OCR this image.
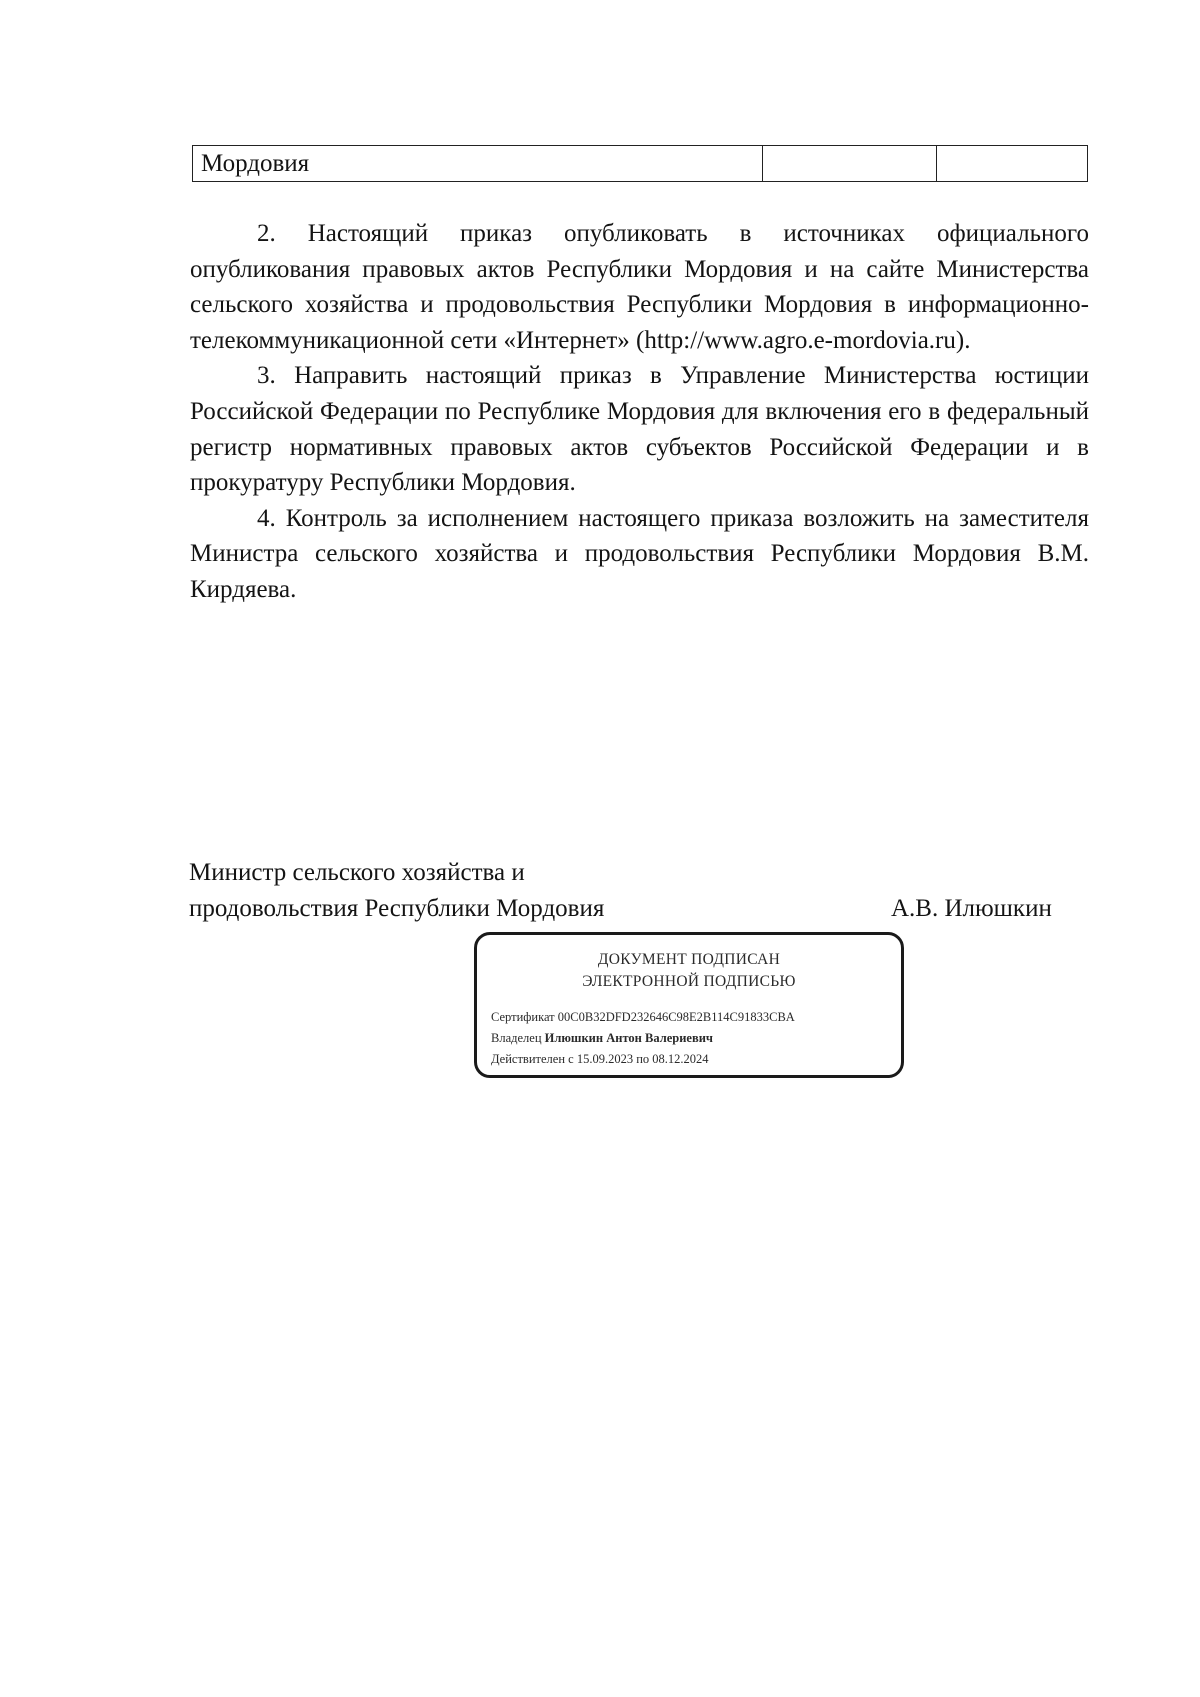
Мордовия		

2. Настоящий приказ опубликовать в источниках официального опубликования правовых актов Республики Мордовия и на сайте Министерства сельского хозяйства и продовольствия Республики Мордовия в информационно-телекоммуникационной сети «Интернет» (http://www.agro.e-mordovia.ru).

3. Направить настоящий приказ в Управление Министерства юстиции Российской Федерации по Республике Мордовия для включения его в федеральный регистр нормативных правовых актов субъектов Российской Федерации и в прокуратуру Республики Мордовия.

4. Контроль за исполнением настоящего приказа возложить на заместителя Министра сельского хозяйства и продовольствия Республики Мордовия В.М. Кирдяева.

Министр сельского хозяйства и
продовольствия Республики Мордовия	А.В. Илюшкин
ДОКУМЕНТ ПОДПИСАН
ЭЛЕКТРОННОЙ ПОДПИСЬЮ
Сертификат 00C0B32DFD232646C98E2B114C91833CBA
Владелец Илюшкин Антон Валериевич
Действителен с 15.09.2023 по 08.12.2024
